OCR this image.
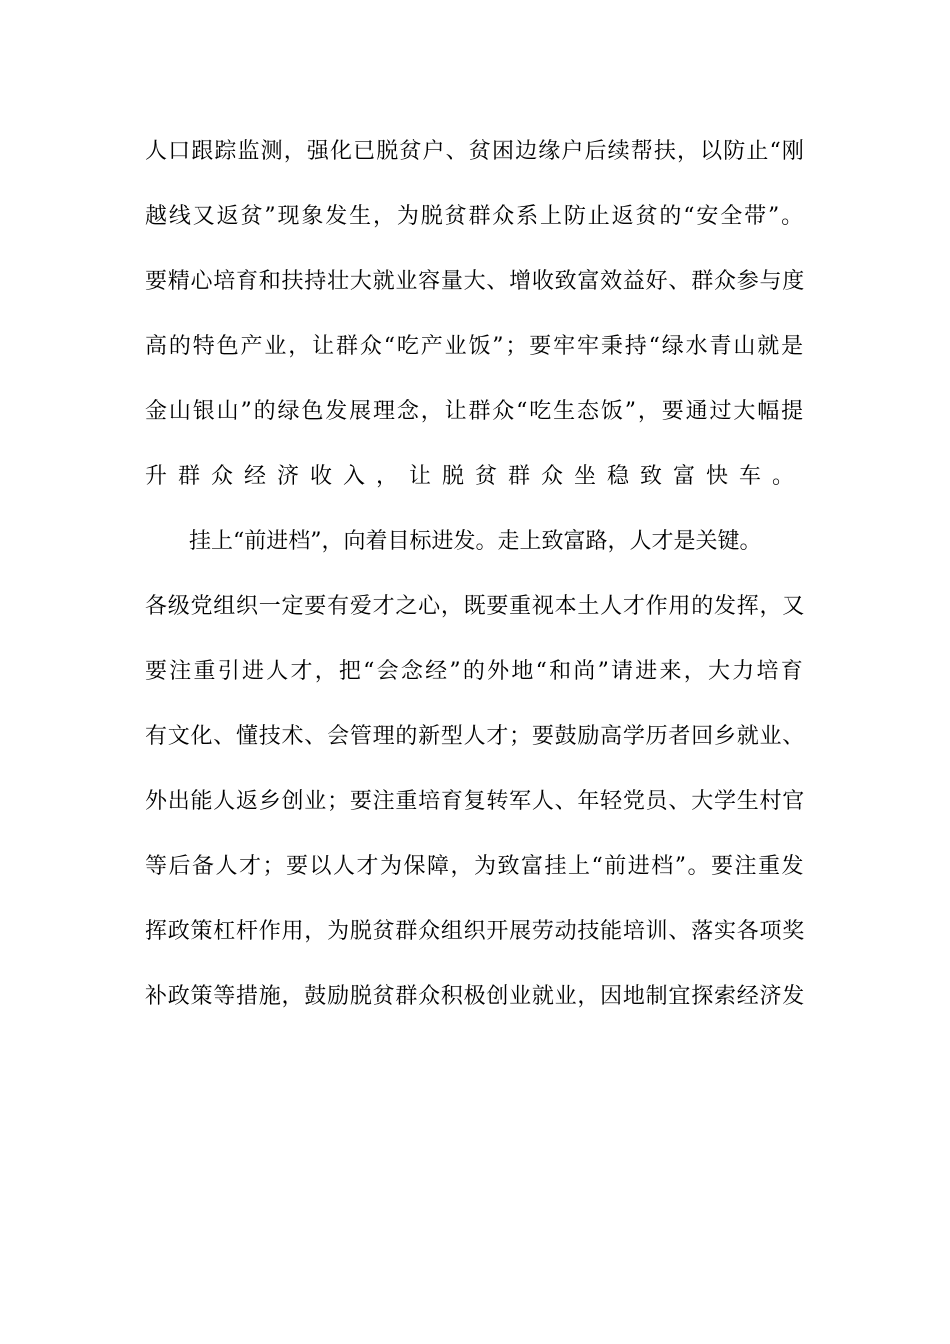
人口跟踪监测，强化已脱贫户、贫困边缘户后续帮扶，以防止“刚
越线又返贫”现象发生，为脱贫群众系上防止返贫的“安全带”。
要精心培育和扶持壮大就业容量大、增收致富效益好、群众参与度
高的特色产业，让群众“吃产业饭”；要牢牢秉持“绿水青山就是
金山银山”的绿色发展理念，让群众“吃生态饭”，要通过大幅提
升群众经济收入，让脱贫群众坐稳致富快车。
挂上“前进档”，向着目标进发。走上致富路，人才是关键。
各级党组织一定要有爱才之心，既要重视本土人才作用的发挥，又
要注重引进人才，把“会念经”的外地“和尚”请进来，大力培育
有文化、懂技术、会管理的新型人才；要鼓励高学历者回乡就业、
外出能人返乡创业；要注重培育复转军人、年轻党员、大学生村官
等后备人才；要以人才为保障，为致富挂上“前进档”。要注重发
挥政策杠杆作用，为脱贫群众组织开展劳动技能培训、落实各项奖
补政策等措施，鼓励脱贫群众积极创业就业，因地制宜探索经济发
